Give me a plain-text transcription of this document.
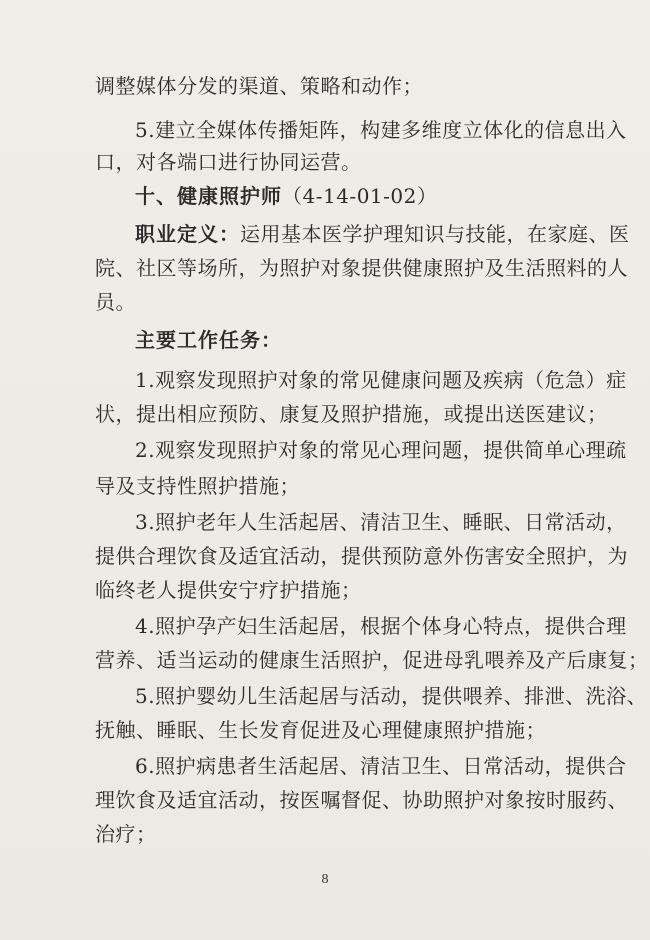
调整媒体分发的渠道、策略和动作；
5.建立全媒体传播矩阵，构建多维度立体化的信息出入
口，对各端口进行协同运营。
十、健康照护师（4-14-01-02）
职业定义：运用基本医学护理知识与技能，在家庭、医
院、社区等场所，为照护对象提供健康照护及生活照料的人
员。
主要工作任务：
1.观察发现照护对象的常见健康问题及疾病（危急）症
状，提出相应预防、康复及照护措施，或提出送医建议；
2.观察发现照护对象的常见心理问题，提供简单心理疏
导及支持性照护措施；
3.照护老年人生活起居、清洁卫生、睡眠、日常活动，
提供合理饮食及适宜活动，提供预防意外伤害安全照护，为
临终老人提供安宁疗护措施；
4.照护孕产妇生活起居，根据个体身心特点，提供合理
营养、适当运动的健康生活照护，促进母乳喂养及产后康复；
5.照护婴幼儿生活起居与活动，提供喂养、排泄、洗浴、
抚触、睡眠、生长发育促进及心理健康照护措施；
6.照护病患者生活起居、清洁卫生、日常活动，提供合
理饮食及适宜活动，按医嘱督促、协助照护对象按时服药、
治疗；
8
